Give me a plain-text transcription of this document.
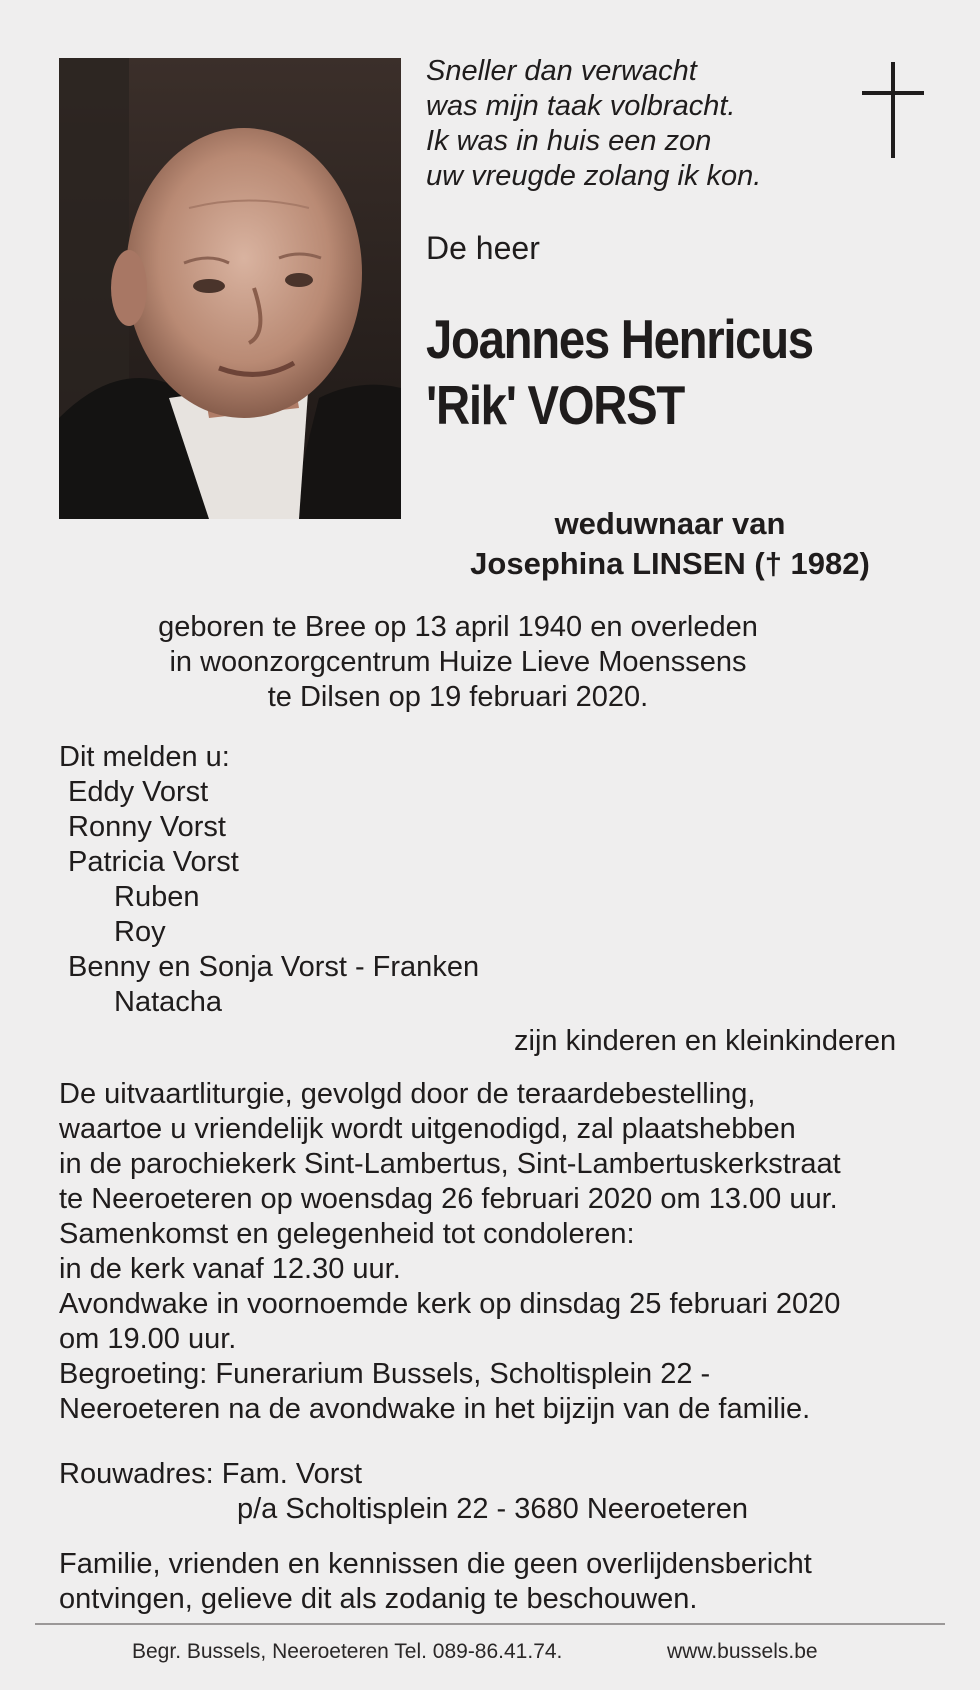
Sneller dan verwacht
was mijn taak volbracht.
Ik was in huis een zon
uw vreugde zolang ik kon.
De heer
Joannes Henricus
'Rik' VORST
weduwnaar van
Josephina LINSEN († 1982)
geboren te Bree op 13 april 1940 en overleden
in woonzorgcentrum Huize Lieve Moenssens
te Dilsen op 19 februari 2020.
Dit melden u:
Eddy Vorst
Ronny Vorst
Patricia Vorst
Ruben
Roy
Benny en Sonja Vorst - Franken
Natacha
zijn kinderen en kleinkinderen
De uitvaartliturgie, gevolgd door de teraardebestelling,
waartoe u vriendelijk wordt uitgenodigd, zal plaatshebben
in de parochiekerk Sint-Lambertus, Sint-Lambertuskerkstraat
te Neeroeteren op woensdag 26 februari 2020 om 13.00 uur.
Samenkomst en gelegenheid tot condoleren:
in de kerk vanaf 12.30 uur.
Avondwake in voornoemde kerk op dinsdag 25 februari 2020
om 19.00 uur.
Begroeting: Funerarium Bussels, Scholtisplein 22 -
Neeroeteren na de avondwake in het bijzijn van de familie.
Rouwadres: Fam. Vorst
p/a Scholtisplein 22 - 3680 Neeroeteren
Familie, vrienden en kennissen die geen overlijdensbericht
ontvingen, gelieve dit als zodanig te beschouwen.
Begr. Bussels, Neeroeteren Tel. 089-86.41.74.	www.bussels.be
